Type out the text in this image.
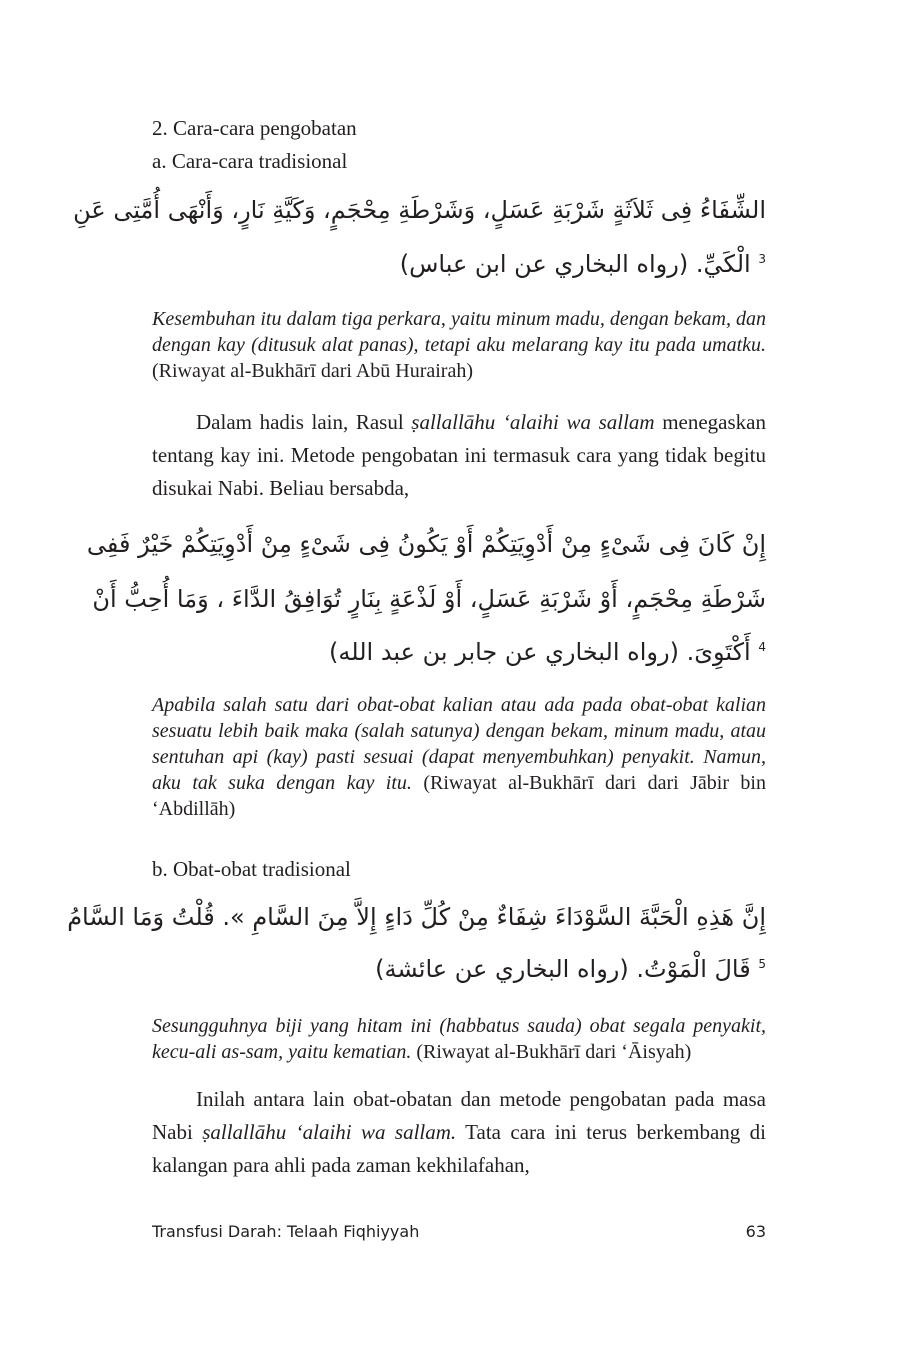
2. Cara-cara pengobatan
a. Cara-cara tradisional
الشِّفَاءُ فِى ثَلاَثَةٍ شَرْبَةِ عَسَلٍ، وَشَرْطَةِ مِحْجَمٍ، وَكَيَّةِ نَارٍ، وَأَنْهَى أُمَّتِى عَنِ
$^3$ الْكَيِّ. (رواه البخاري عن ابن عباس)
Kesembuhan itu dalam tiga perkara, yaitu minum madu, dengan bekam, dan dengan kay (ditusuk alat panas), tetapi aku melarang kay itu pada umatku. (Riwayat al-Bukhārī dari Abū Hurairah)
Dalam hadis lain, Rasul ṣallallāhu ‘alaihi wa sallam menegaskan tentang kay ini. Metode pengobatan ini termasuk cara yang tidak begitu disukai Nabi. Beliau bersabda,
إِنْ كَانَ فِى شَىْءٍ مِنْ أَدْوِيَتِكُمْ أَوْ يَكُونُ فِى شَىْءٍ مِنْ أَدْوِيَتِكُمْ خَيْرٌ فَفِى
شَرْطَةِ مِحْجَمٍ، أَوْ شَرْبَةِ عَسَلٍ، أَوْ لَذْعَةٍ بِنَارٍ تُوَافِقُ الدَّاءَ ، وَمَا أُحِبُّ أَنْ
$^4$ أَكْتَوِىَ. (رواه البخاري عن جابر بن عبد الله)
Apabila salah satu dari obat-obat kalian atau ada pada obat-obat kalian sesuatu lebih baik maka (salah satunya) dengan bekam, minum madu, atau sentuhan api (kay) pasti sesuai (dapat menyembuhkan) penyakit. Namun, aku tak suka dengan kay itu. (Riwayat al-Bukhārī dari dari Jābir bin ‘Abdillāh)
b. Obat-obat tradisional
إِنَّ هَذِهِ الْحَبَّةَ السَّوْدَاءَ شِفَاءٌ مِنْ كُلِّ دَاءٍ إِلاَّ مِنَ السَّامِ ». قُلْتُ وَمَا السَّامُ
$^5$ قَالَ الْمَوْتُ. (رواه البخاري عن عائشة)
Sesungguhnya biji yang hitam ini (habbatus sauda) obat segala penyakit, kecu-ali as-sam, yaitu kematian. (Riwayat al-Bukhārī dari ‘Āisyah)
Inilah antara lain obat-obatan dan metode pengobatan pada masa Nabi ṣallallāhu ‘alaihi wa sallam. Tata cara ini terus berkembang di kalangan para ahli pada zaman kekhilafahan,
Transfusi Darah: Telaah Fiqhiyyah	63
